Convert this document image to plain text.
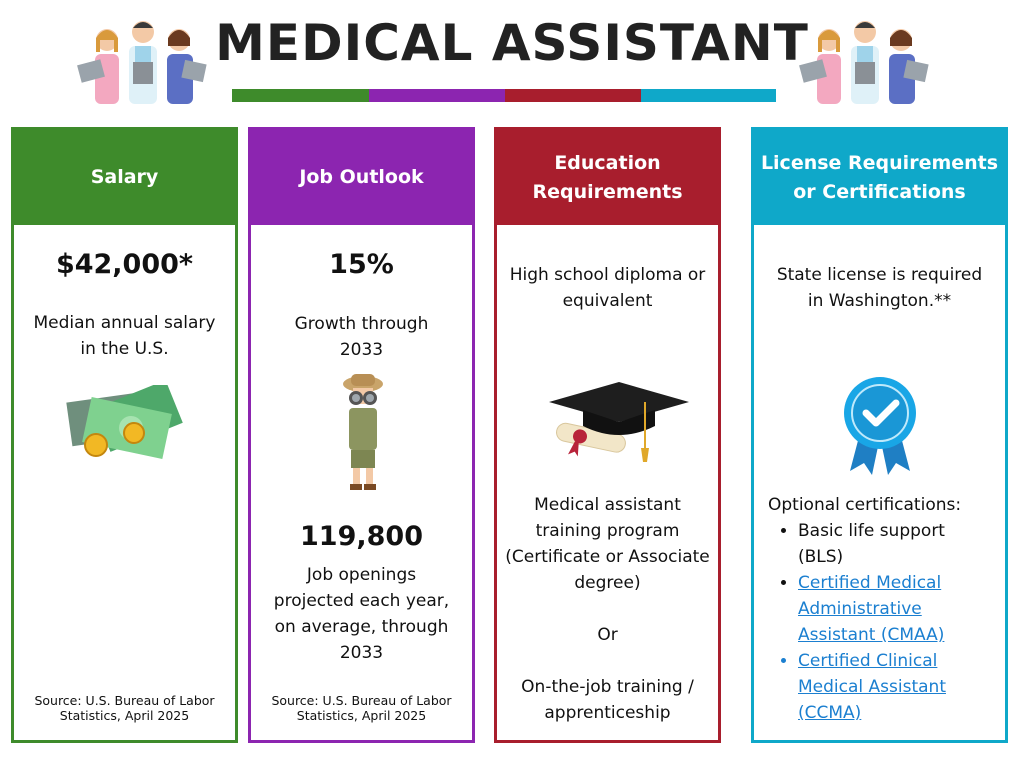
MEDICAL ASSISTANT
Salary
$42,000*
Median annual salary
in the U.S.
Source: U.S. Bureau of Labor
Statistics, April 2025
Job Outlook
15%
Growth through
2033
119,800
Job openings
projected each year,
on average, through
2033
Source: U.S. Bureau of Labor
Statistics, April 2025
Education
Requirements
High school diploma or
equivalent
Medical assistant
training program
(Certificate or Associate
degree)
Or
On-the-job training /
apprenticeship
License Requirements
or Certifications
State license is required
in Washington.**
Optional certifications:
• Basic life support
(BLS)
• Certified Medical
Administrative
Assistant (CMAA)
• Certified Clinical
Medical Assistant
(CCMA)
